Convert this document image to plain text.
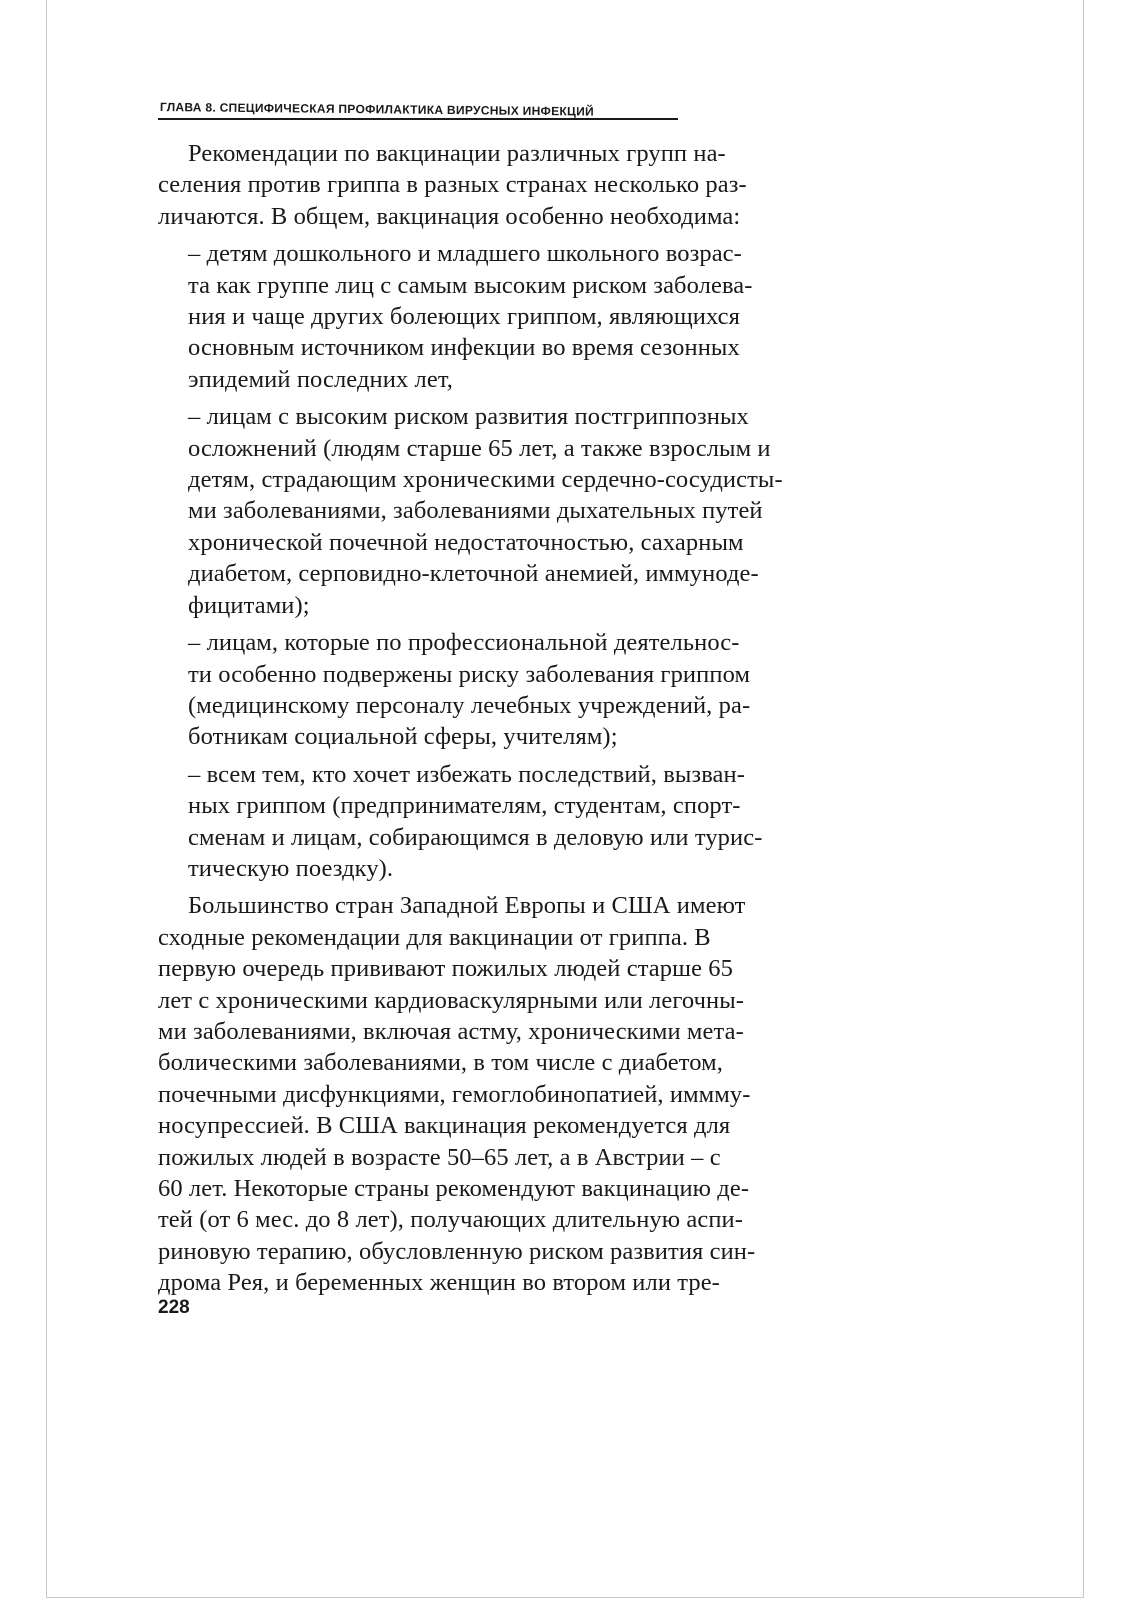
ГЛАВА 8. СПЕЦИФИЧЕСКАЯ ПРОФИЛАКТИКА ВИРУСНЫХ ИНФЕКЦИЙ
Рекомендации по вакцинации различных групп на-
селения против гриппа в разных странах несколько раз-
личаются. В общем, вакцинация особенно необходима:
– детям дошкольного и младшего школьного возрас-
та как группе лиц с самым высоким риском заболева-
ния и чаще других болеющих гриппом, являющихся
основным источником инфекции во время сезонных
эпидемий последних лет,
– лицам с высоким риском развития постгриппозных
осложнений (людям старше 65 лет, а также взрослым и
детям, страдающим хроническими сердечно-сосудисты-
ми заболеваниями, заболеваниями дыхательных путей
хронической почечной недостаточностью, сахарным
диабетом, серповидно-клеточной анемией, иммуноде-
фицитами);
– лицам, которые по профессиональной деятельнос-
ти особенно подвержены риску заболевания гриппом
(медицинскому персоналу лечебных учреждений, ра-
ботникам социальной сферы, учителям);
– всем тем, кто хочет избежать последствий, вызван-
ных гриппом (предпринимателям, студентам, спорт-
сменам и лицам, собирающимся в деловую или турис-
тическую поездку).
Большинство стран Западной Европы и США имеют
сходные рекомендации для вакцинации от гриппа. В
первую очередь прививают пожилых людей старше 65
лет с хроническими кардиоваскулярными или легочны-
ми заболеваниями, включая астму, хроническими мета-
болическими заболеваниями, в том числе с диабетом,
почечными дисфункциями, гемоглобинопатией, иммму-
носупрессией. В США вакцинация рекомендуется для
пожилых людей в возрасте 50–65 лет, а в Австрии – с
60 лет. Некоторые страны рекомендуют вакцинацию де-
тей (от 6 мес. до 8 лет), получающих длительную аспи-
риновую терапию, обусловленную риском развития син-
дрома Рея, и беременных женщин во втором или тре-
228
